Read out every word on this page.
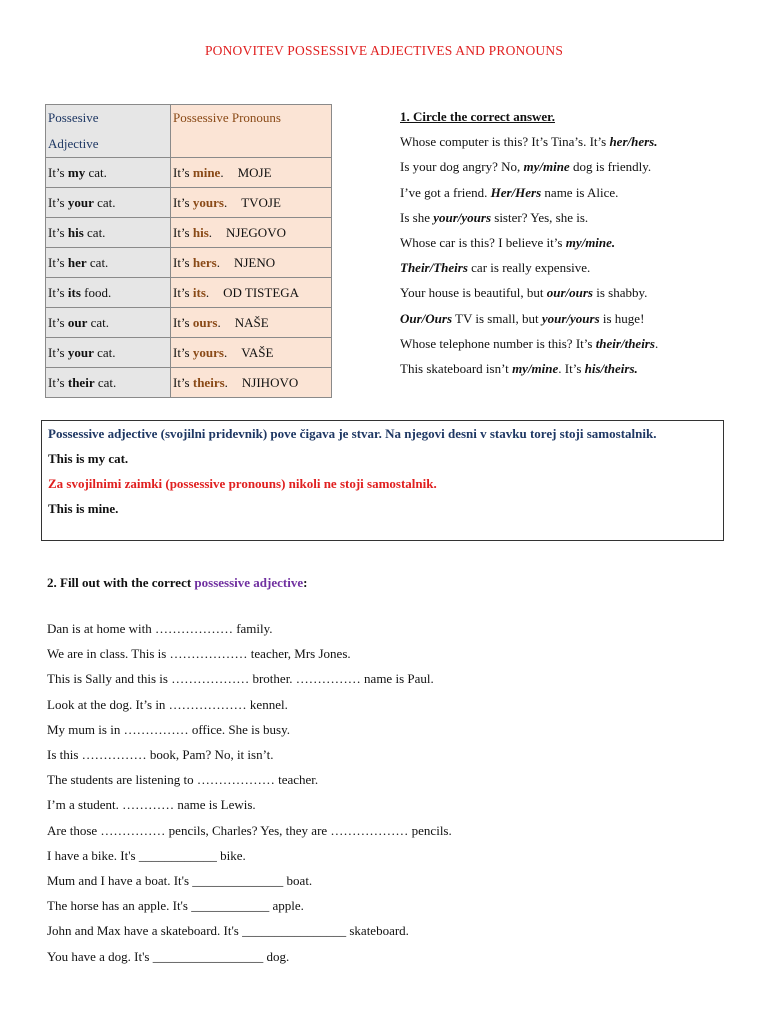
PONOVITEV POSSESSIVE ADJECTIVES AND PRONOUNS
Possesive
Adjective	Possessive Pronouns
It’s my cat.	It’s mine. MOJE
It’s your cat.	It’s yours. TVOJE
It’s his cat.	It’s his. NJEGOVO
It’s her cat.	It’s hers. NJENO
It’s its food.	It’s its. OD TISTEGA
It’s our cat.	It’s ours. NAŠE
It’s your cat.	It’s yours. VAŠE
It’s their cat.	It’s theirs. NJIHOVO
1. Circle the correct answer.
Whose computer is this? It’s Tina’s. It’s her/hers.
Is your dog angry? No, my/mine dog is friendly.
I’ve got a friend. Her/Hers name is Alice.
Is she your/yours sister? Yes, she is.
Whose car is this? I believe it’s my/mine.
Their/Theirs car is really expensive.
Your house is beautiful, but our/ours is shabby.
Our/Ours TV is small, but your/yours is huge!
Whose telephone number is this? It’s their/theirs.
This skateboard isn’t my/mine. It’s his/theirs.
Possessive adjective (svojilni pridevnik) pove čigava je stvar. Na njegovi desni v stavku torej stoji samostalnik.
This is my cat.
Za svojilnimi zaimki (possessive pronouns) nikoli ne stoji samostalnik.
This is mine.
2. Fill out with the correct possessive adjective:
Dan is at home with ……………… family.
We are in class. This is ……………… teacher, Mrs Jones.
This is Sally and this is ……………… brother. …………… name is Paul.
Look at the dog. It’s in ……………… kennel.
My mum is in …………… office. She is busy.
Is this …………… book, Pam? No, it isn’t.
The students are listening to ……………… teacher.
I’m a student. ………… name is Lewis.
Are those …………… pencils, Charles? Yes, they are ……………… pencils.
I have a bike. It's ____________ bike.
Mum and I have a boat. It's ______________ boat.
The horse has an apple. It's ____________ apple.
John and Max have a skateboard. It's ________________ skateboard.
You have a dog. It's _________________ dog.
